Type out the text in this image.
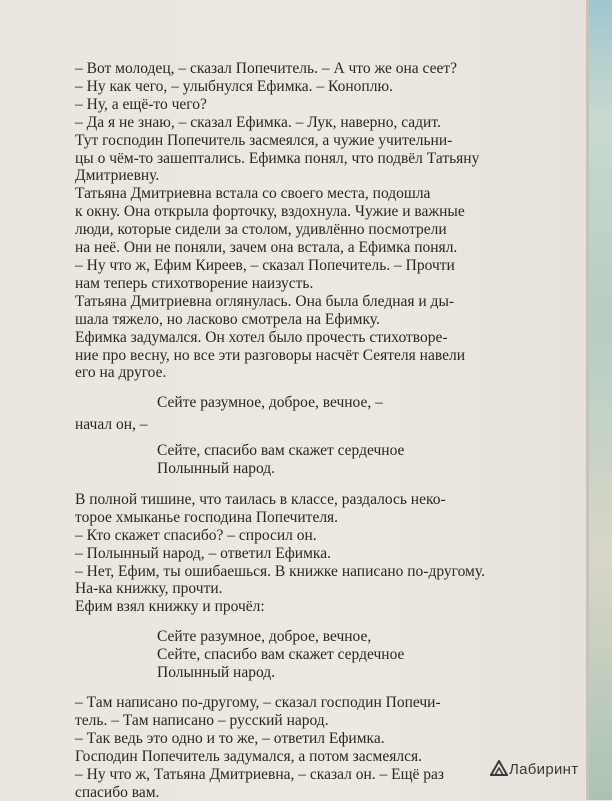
– Вот молодец, – сказал Попечитель. – А что же она сеет?
– Ну как чего, – улыбнулся Ефимка. – Коноплю.
– Ну, а ещё-то чего?
– Да я не знаю, – сказал Ефимка. – Лук, наверно, садит.
Тут господин Попечитель засмеялся, а чужие учительни-
цы о чём-то зашептались. Ефимка понял, что подвёл Татьяну
Дмитриевну.
Татьяна Дмитриевна встала со своего места, подошла
к окну. Она открыла форточку, вздохнула. Чужие и важные
люди, которые сидели за столом, удивлённо посмотрели
на неё. Они не поняли, зачем она встала, а Ефимка понял.
– Ну что ж, Ефим Киреев, – сказал Попечитель. – Прочти
нам теперь стихотворение наизусть.
Татьяна Дмитриевна оглянулась. Она была бледная и ды-
шала тяжело, но ласково смотрела на Ефимку.
Ефимка задумался. Он хотел было прочесть стихотворе-
ние про весну, но все эти разговоры насчёт Сеятеля навели
его на другое.
Сейте разумное, доброе, вечное, –
начал он, –
Сейте, спасибо вам скажет сердечное
Полынный народ.
В полной тишине, что таилась в классе, раздалось неко-
торое хмыканье господина Попечителя.
– Кто скажет спасибо? – спросил он.
– Полынный народ, – ответил Ефимка.
– Нет, Ефим, ты ошибаешься. В книжке написано по-другому.
На-ка книжку, прочти.
Ефим взял книжку и прочёл:
Сейте разумное, доброе, вечное,
Сейте, спасибо вам скажет сердечное
Полынный народ.
– Там написано по-другому, – сказал господин Попечи-
тель. – Там написано – русский народ.
– Так ведь это одно и то же, – ответил Ефимка.
Господин Попечитель задумался, а потом засмеялся.
– Ну что ж, Татьяна Дмитриевна, – сказал он. – Ещё раз
спасибо вам.
Лабиринт
